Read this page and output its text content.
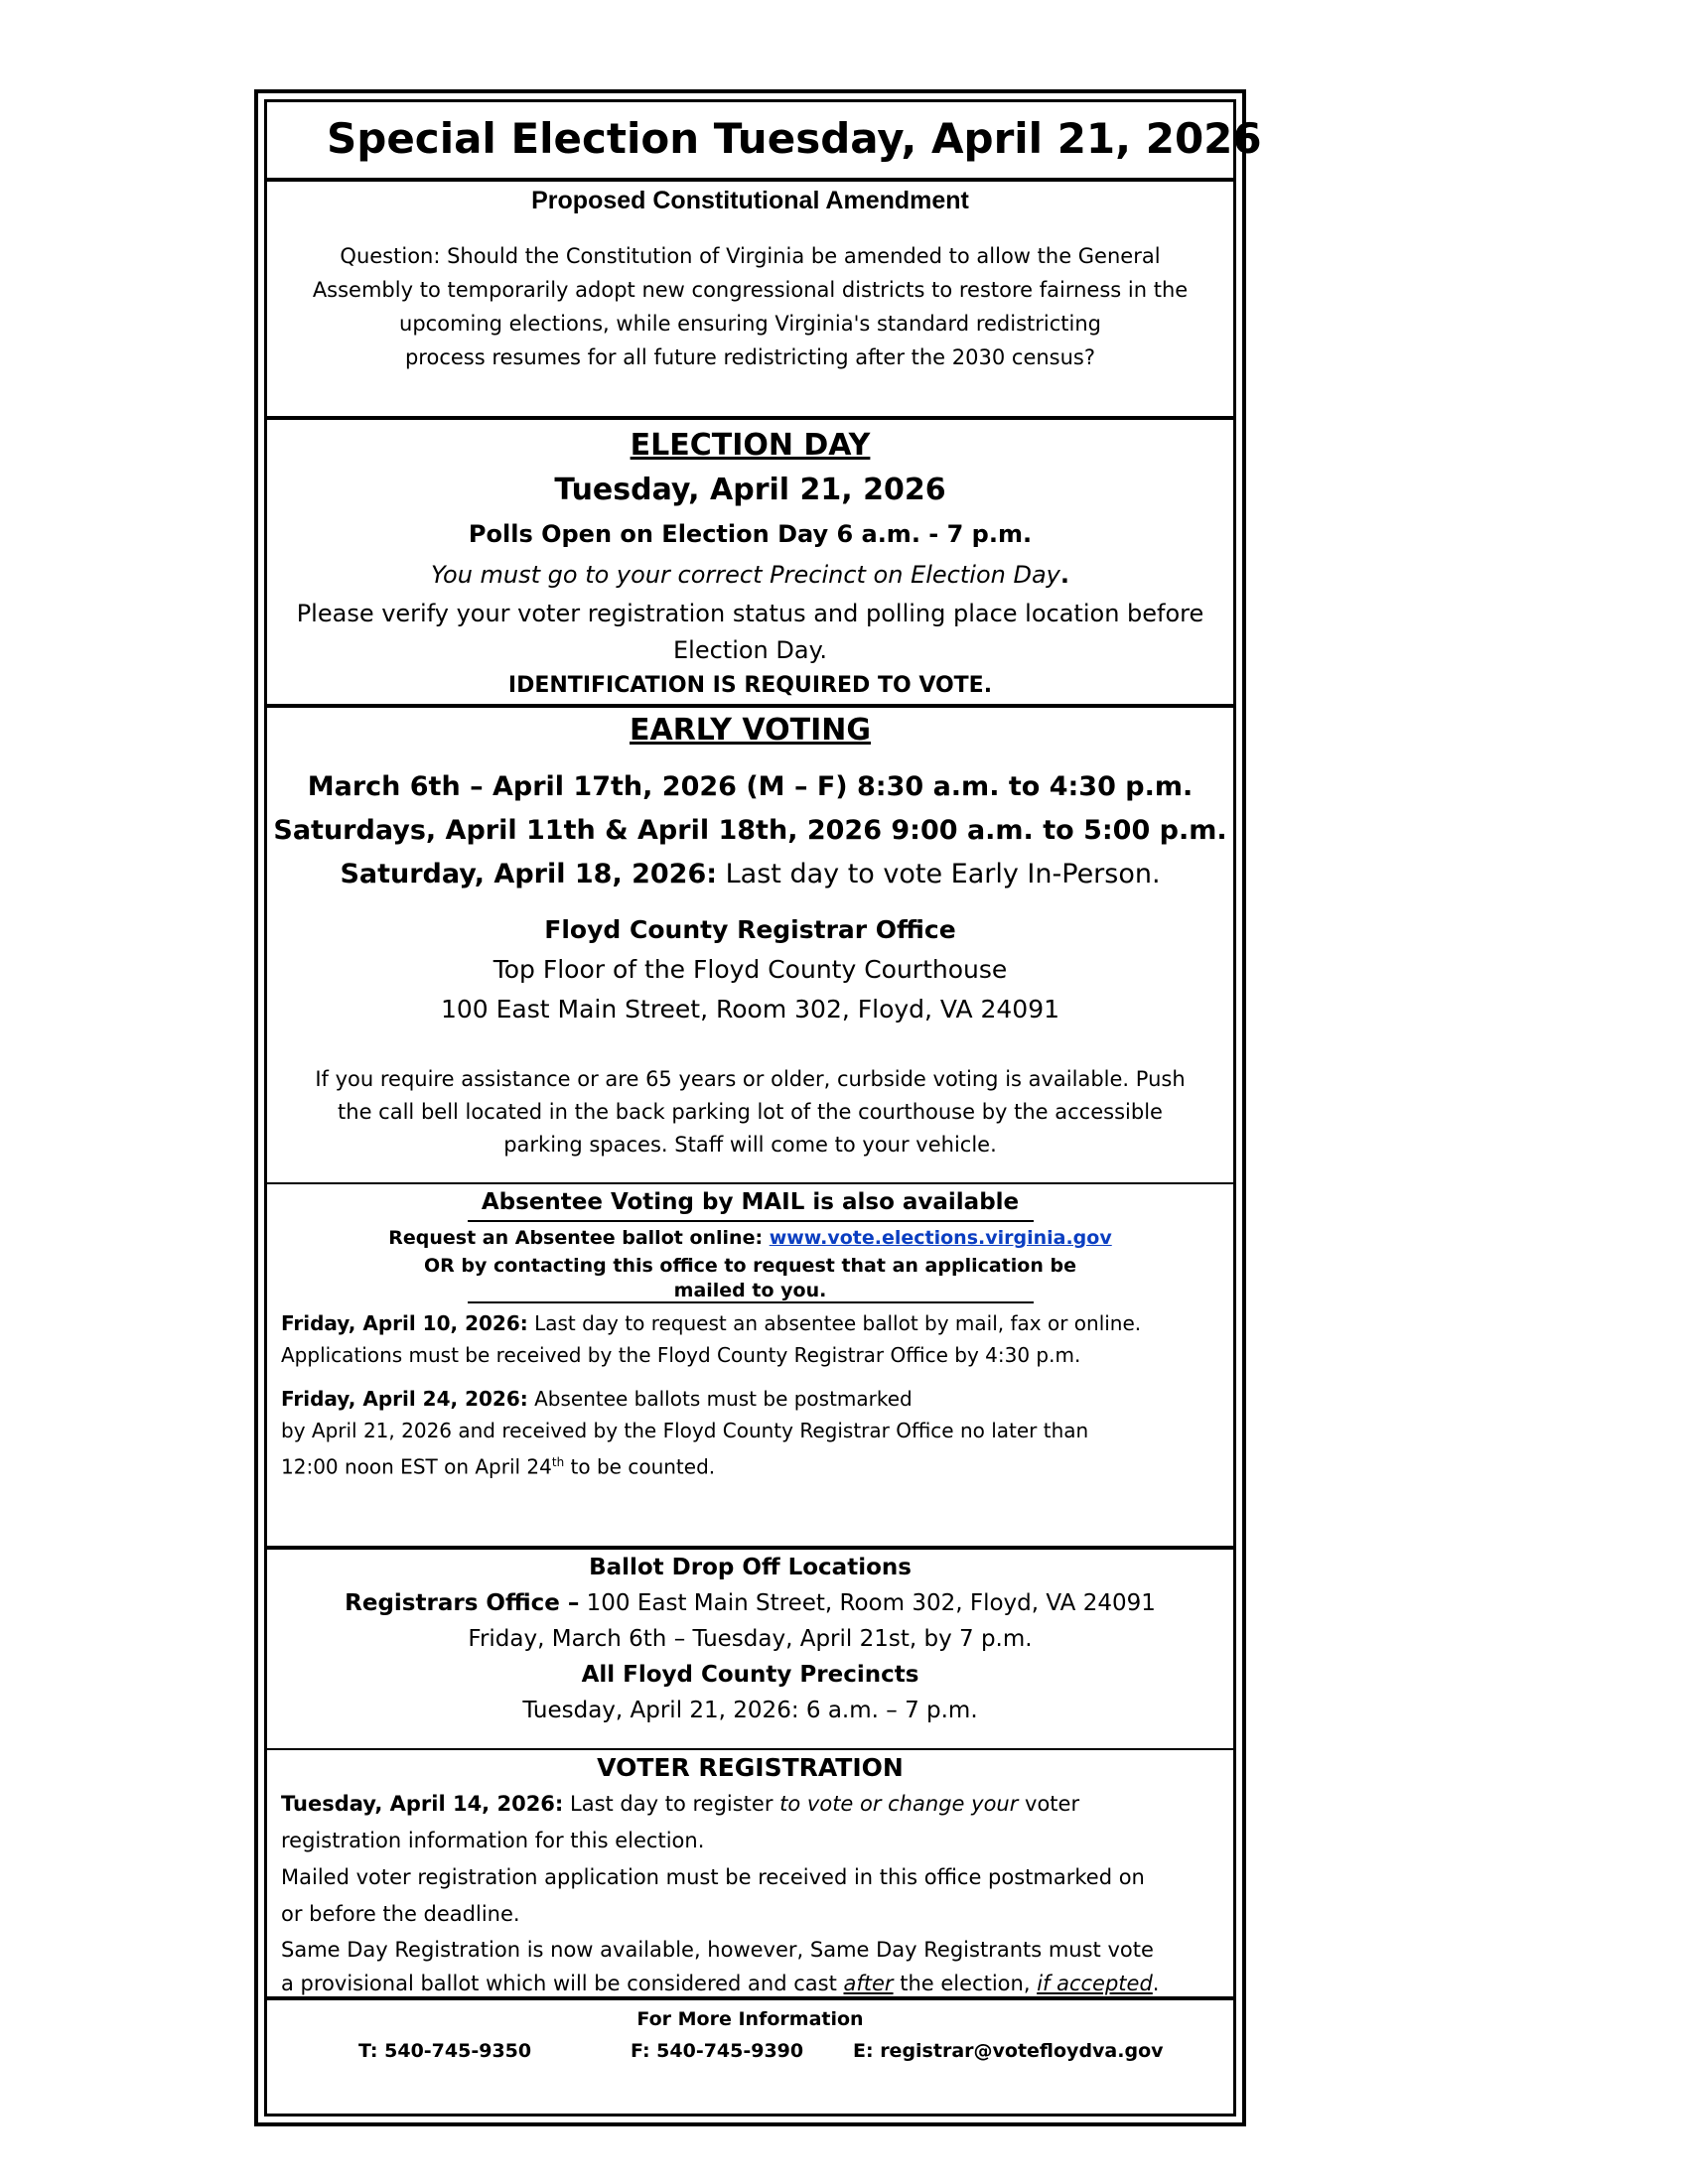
Special Election Tuesday, April 21, 2026
Proposed Constitutional Amendment
Question: Should the Constitution of Virginia be amended to allow the General
Assembly to temporarily adopt new congressional districts to restore fairness in the
upcoming elections, while ensuring Virginia's standard redistricting
process resumes for all future redistricting after the 2030 census?
ELECTION DAY
Tuesday, April 21, 2026
Polls Open on Election Day 6 a.m. - 7 p.m.
You must go to your correct Precinct on Election Day.
Please verify your voter registration status and polling place location before
Election Day.
IDENTIFICATION IS REQUIRED TO VOTE.
EARLY VOTING
March 6th – April 17th, 2026 (M – F) 8:30 a.m. to 4:30 p.m.
Saturdays, April 11th & April 18th, 2026 9:00 a.m. to 5:00 p.m.
Saturday, April 18, 2026: Last day to vote Early In-Person.
Floyd County Registrar Office
Top Floor of the Floyd County Courthouse
100 East Main Street, Room 302, Floyd, VA 24091
If you require assistance or are 65 years or older, curbside voting is available. Push
the call bell located in the back parking lot of the courthouse by the accessible
parking spaces. Staff will come to your vehicle.
Absentee Voting by MAIL is also available
Request an Absentee ballot online: www.vote.elections.virginia.gov
OR by contacting this office to request that an application be
mailed to you.
Friday, April 10, 2026: Last day to request an absentee ballot by mail, fax or online.
Applications must be received by the Floyd County Registrar Office by 4:30 p.m.
Friday, April 24, 2026: Absentee ballots must be postmarked
by April 21, 2026 and received by the Floyd County Registrar Office no later than
12:00 noon EST on April 24th to be counted.
Ballot Drop Off Locations
Registrars Office – 100 East Main Street, Room 302, Floyd, VA 24091
Friday, March 6th – Tuesday, April 21st, by 7 p.m.
All Floyd County Precincts
Tuesday, April 21, 2026: 6 a.m. – 7 p.m.
VOTER REGISTRATION
Tuesday, April 14, 2026: Last day to register to vote or change your voter
registration information for this election.
Mailed voter registration application must be received in this office postmarked on
or before the deadline.
Same Day Registration is now available, however, Same Day Registrants must vote
a provisional ballot which will be considered and cast after the election, if accepted.
For More Information
T: 540-745-9350	F: 540-745-9390	E: registrar@votefloydva.gov
